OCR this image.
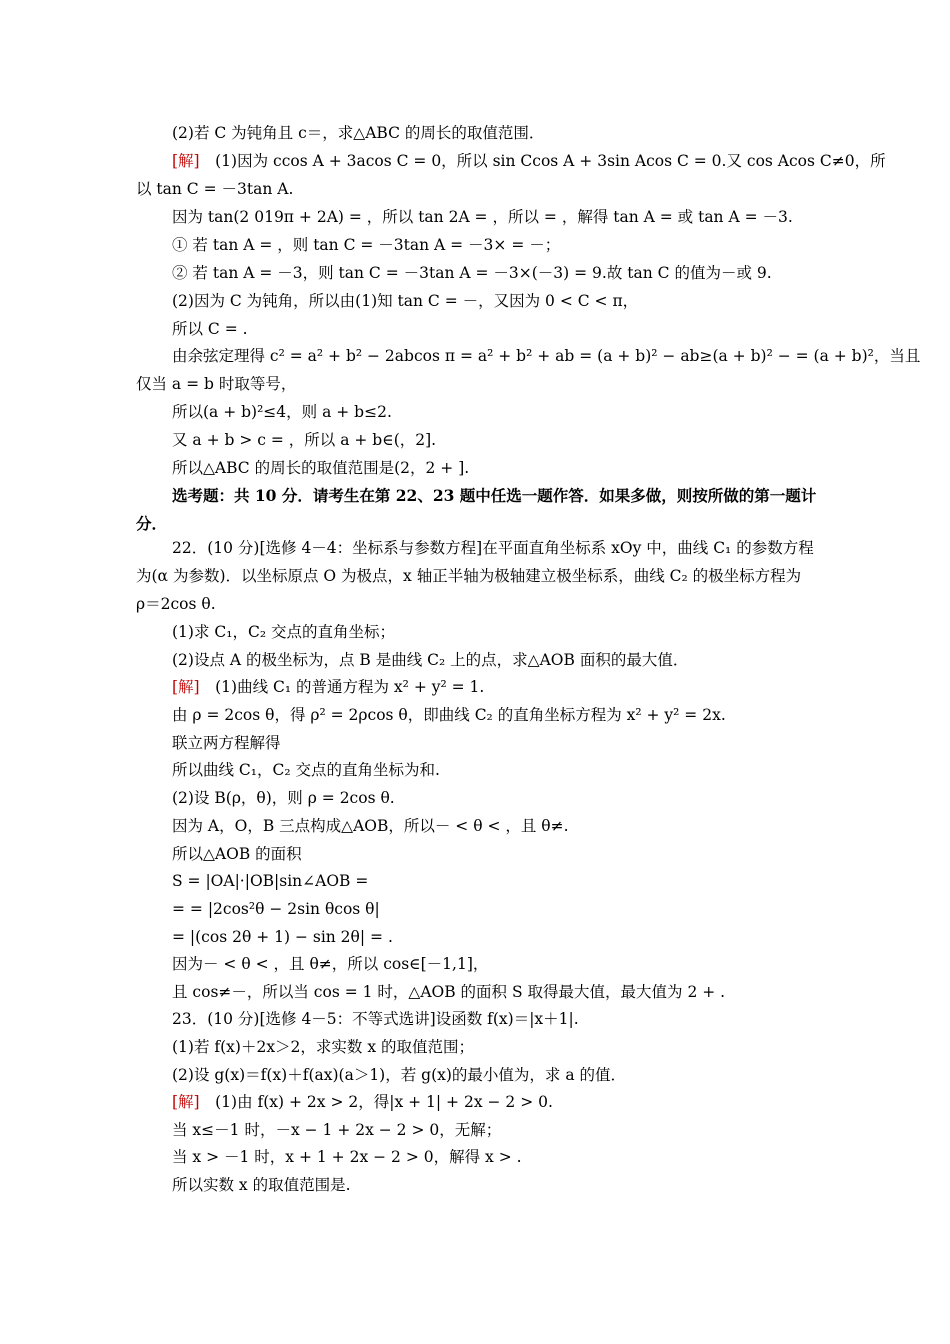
(2)若 C 为钝角且 c＝，求△ABC 的周长的取值范围．
[解]　 (1)因为 ccos A + 3acos C = 0，所以 sin Ccos A + 3sin Acos C = 0.又 cos Acos C≠0，所
以 tan C = －3tan A.
因为 tan(2 019π + 2A) = ，所以 tan 2A = ，所以 = ，解得 tan A = 或 tan A = －3.
① 若 tan A = ，则 tan C = －3tan A = －3× = －；
② 若 tan A = －3，则 tan C = －3tan A = －3×(－3) = 9.故 tan C 的值为－或 9.
(2)因为 C 为钝角，所以由(1)知 tan C = －，又因为 0 < C < π，
所以 C = .
由余弦定理得 c² = a² + b² − 2abcos π = a² + b² + ab = (a + b)² − ab≥(a + b)² − = (a + b)²，当且
仅当 a = b 时取等号，
所以(a + b)²≤4，则 a + b≤2.
又 a + b > c = ，所以 a + b∈(，2].
所以△ABC 的周长的取值范围是(2，2 + ].
选考题：共 10 分．请考生在第 22、23 题中任选一题作答．如果多做，则按所做的第一题计
分．
22．(10 分)[选修 4－4：坐标系与参数方程]在平面直角坐标系 xOy 中，曲线 C₁ 的参数方程
为(α 为参数)．以坐标原点 O 为极点，x 轴正半轴为极轴建立极坐标系，曲线 C₂ 的极坐标方程为
ρ＝2cos θ.
(1)求 C₁，C₂ 交点的直角坐标；
(2)设点 A 的极坐标为，点 B 是曲线 C₂ 上的点，求△AOB 面积的最大值．
[解]　 (1)曲线 C₁ 的普通方程为 x² + y² = 1.
由 ρ = 2cos θ，得 ρ² = 2ρcos θ，即曲线 C₂ 的直角坐标方程为 x² + y² = 2x.
联立两方程解得
所以曲线 C₁，C₂ 交点的直角坐标为和.
(2)设 B(ρ，θ)，则 ρ = 2cos θ.
因为 A，O，B 三点构成△AOB，所以－ < θ < ，且 θ≠.
所以△AOB 的面积
S = |OA|·|OB|sin∠AOB =
= = |2cos²θ − 2sin θcos θ|
= |(cos 2θ + 1) − sin 2θ| = .
因为－ < θ < ，且 θ≠，所以 cos∈[－1,1]，
且 cos≠－，所以当 cos = 1 时，△AOB 的面积 S 取得最大值，最大值为 2 + .
23．(10 分)[选修 4－5：不等式选讲]设函数 f(x)＝|x＋1|.
(1)若 f(x)＋2x＞2，求实数 x 的取值范围；
(2)设 g(x)＝f(x)＋f(ax)(a＞1)，若 g(x)的最小值为，求 a 的值．
[解]　 (1)由 f(x) + 2x > 2，得|x + 1| + 2x − 2 > 0.
当 x≤－1 时，－x − 1 + 2x − 2 > 0，无解；
当 x > －1 时，x + 1 + 2x − 2 > 0，解得 x > .
所以实数 x 的取值范围是.
